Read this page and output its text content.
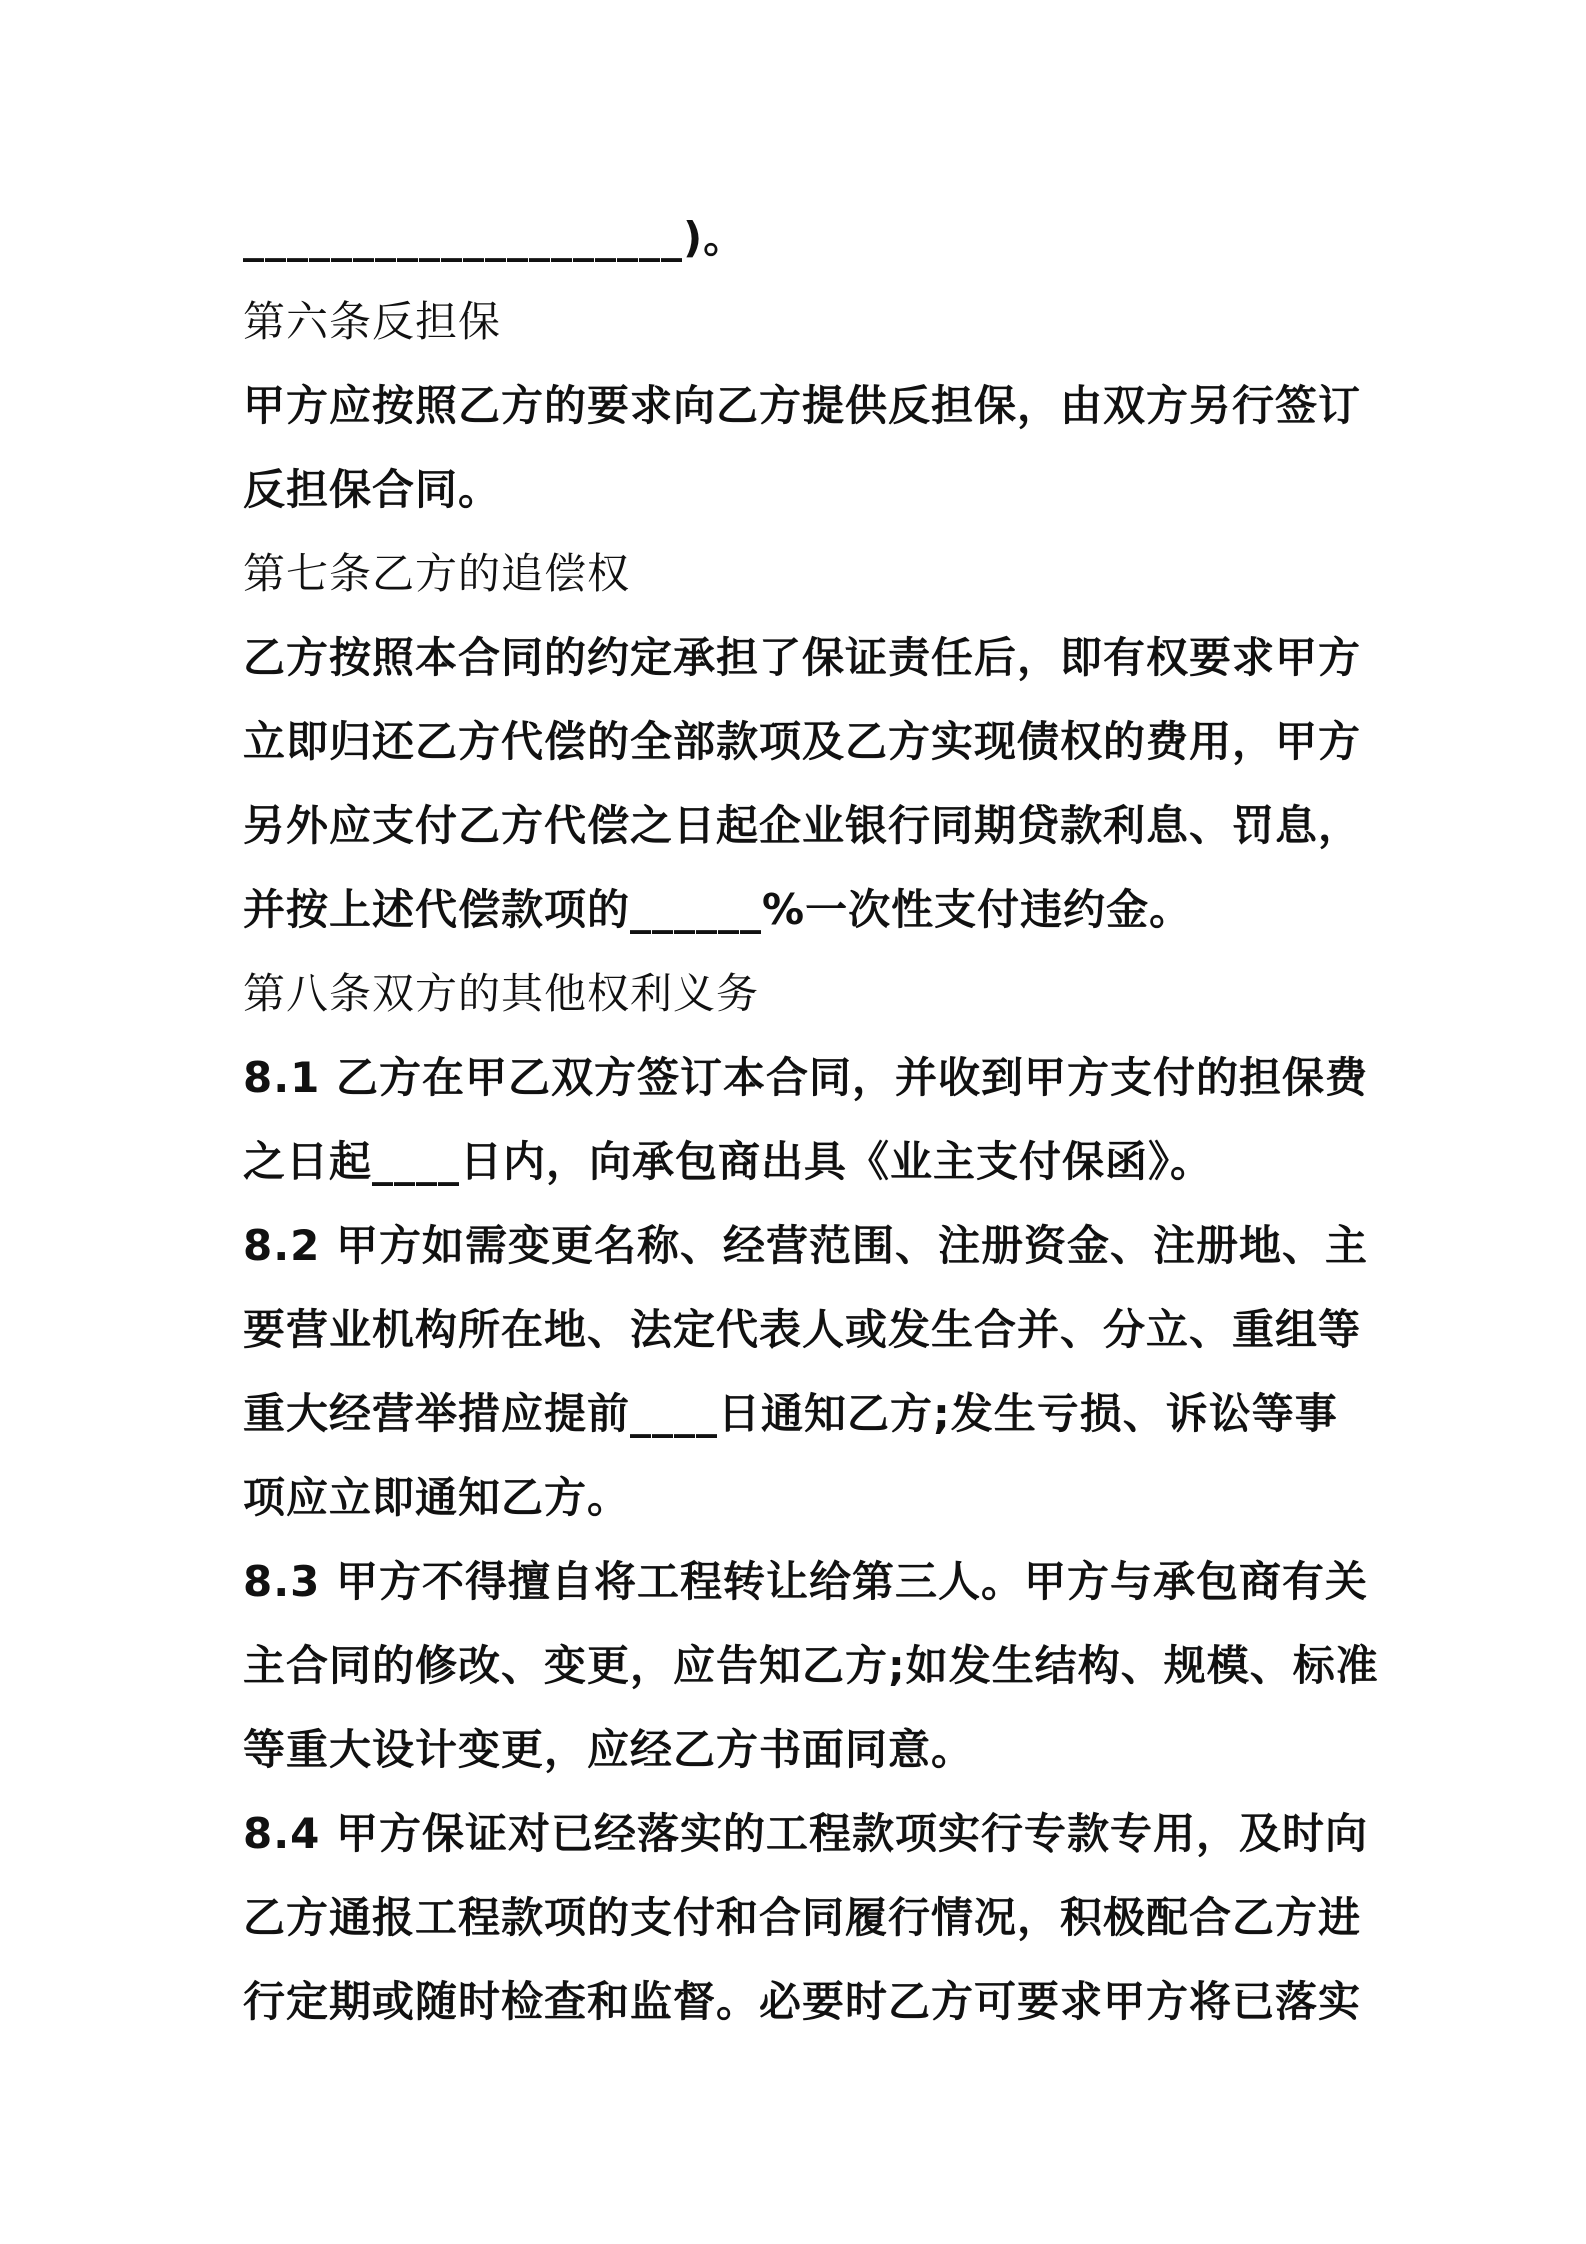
____________________)。
第六条反担保
甲方应按照乙方的要求向乙方提供反担保，由双方另行签订
反担保合同。
第七条乙方的追偿权
乙方按照本合同的约定承担了保证责任后，即有权要求甲方
立即归还乙方代偿的全部款项及乙方实现债权的费用，甲方
另外应支付乙方代偿之日起企业银行同期贷款利息、罚息，
并按上述代偿款项的______%一次性支付违约金。
第八条双方的其他权利义务
8.1 乙方在甲乙双方签订本合同，并收到甲方支付的担保费
之日起____日内，向承包商出具《业主支付保函》。
8.2 甲方如需变更名称、经营范围、注册资金、注册地、主
要营业机构所在地、法定代表人或发生合并、分立、重组等
重大经营举措应提前____日通知乙方;发生亏损、诉讼等事
项应立即通知乙方。
8.3 甲方不得擅自将工程转让给第三人。甲方与承包商有关
主合同的修改、变更，应告知乙方;如发生结构、规模、标准
等重大设计变更，应经乙方书面同意。
8.4 甲方保证对已经落实的工程款项实行专款专用，及时向
乙方通报工程款项的支付和合同履行情况，积极配合乙方进
行定期或随时检查和监督。必要时乙方可要求甲方将已落实
